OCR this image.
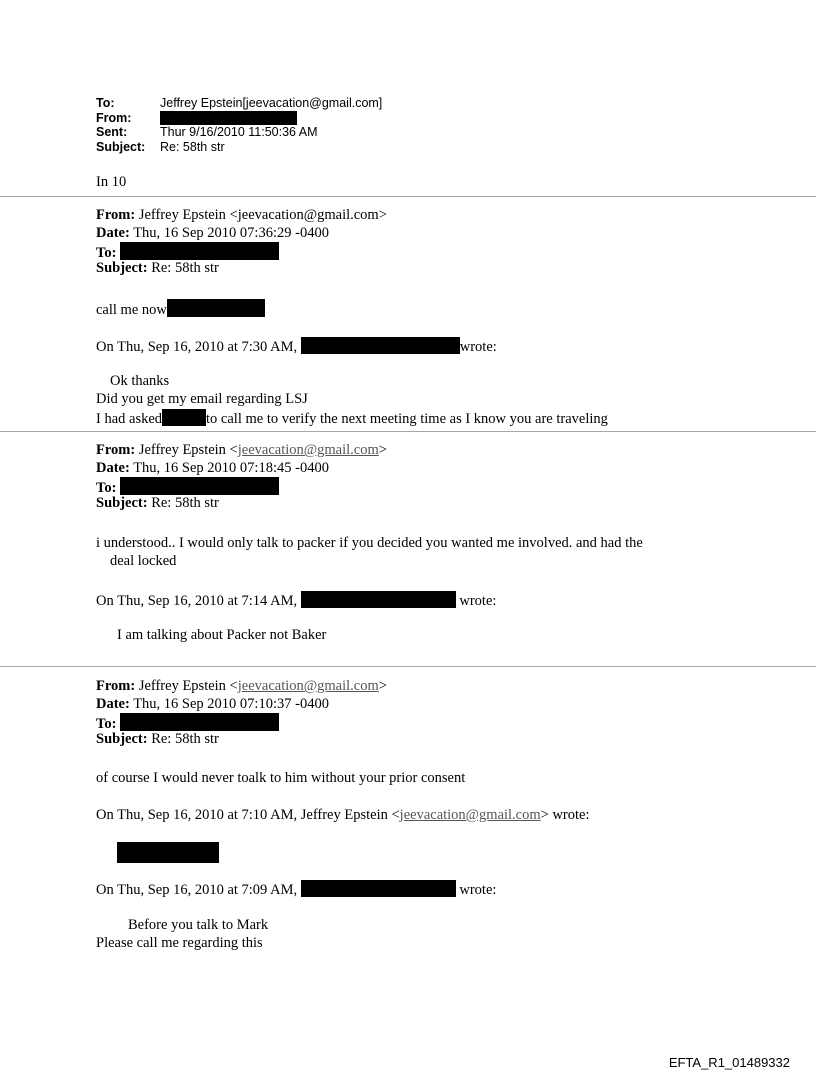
To:	Jeffrey Epstein[jeevacation@gmail.com]
From:
Sent:	Thur 9/16/2010 11:50:36 AM
Subject:	Re: 58th str
In 10
From: Jeffrey Epstein <jeevacation@gmail.com>
Date: Thu, 16 Sep 2010 07:36:29 -0400
To:
Subject: Re: 58th str
call me now
On Thu, Sep 16, 2010 at 7:30 AM,	wrote:
Ok thanks
Did you get my email regarding LSJ
I had asked	to call me to verify the next meeting time as I know you are traveling
From: Jeffrey Epstein <jeevacation@gmail.com>
Date: Thu, 16 Sep 2010 07:18:45 -0400
To:
Subject: Re: 58th str
i understood.. I would only talk to packer if you decided you wanted me involved. and had the
deal locked
On Thu, Sep 16, 2010 at 7:14 AM,	wrote:
I am talking about Packer not Baker
From: Jeffrey Epstein <jeevacation@gmail.com>
Date: Thu, 16 Sep 2010 07:10:37 -0400
To:
Subject: Re: 58th str
of course I would never toalk to him without your prior consent
On Thu, Sep 16, 2010 at 7:10 AM, Jeffrey Epstein <jeevacation@gmail.com> wrote:
On Thu, Sep 16, 2010 at 7:09 AM,	wrote:
Before you talk to Mark
Please call me regarding this
EFTA_R1_01489332
